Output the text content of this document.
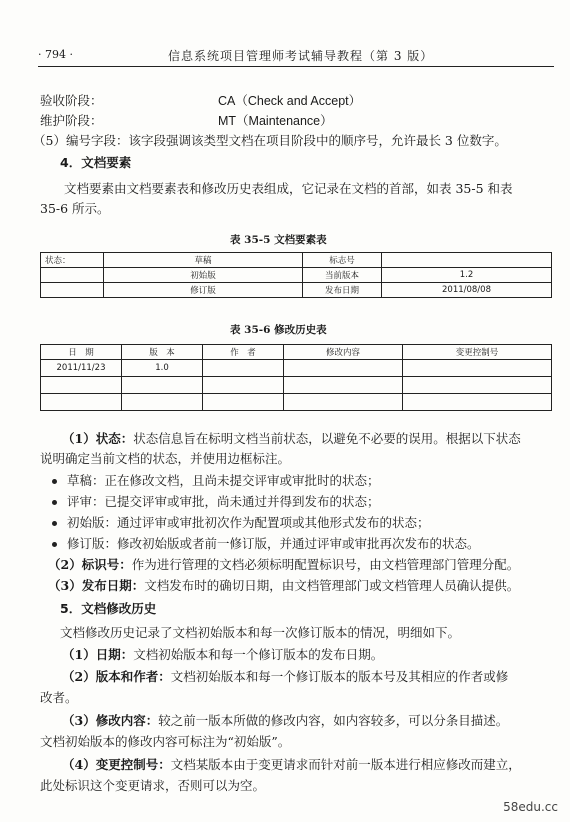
· 794 ·	信息系统项目管理师考试辅导教程（第 3 版）
验收阶段：	CA（Check and Accept）
维护阶段：	MT（Maintenance）
（5）编号字段：该字段强调该类型文档在项目阶段中的顺序号，允许最长 3 位数字。
4．文档要素
文档要素由文档要素表和修改历史表组成，它记录在文档的首部，如表 35-5 和表
35-6 所示。
表 35-5 文档要素表
状态：	草稿	标志号	
	初始版	当前版本	1.2
	修订版	发布日期	2011/08/08
表 35-6 修改历史表
日　期	版　本	作　者	修改内容	变更控制号
2011/11/23	1.0			

（1）状态：状态信息旨在标明文档当前状态，以避免不必要的误用。根据以下状态
说明确定当前文档的状态，并使用边框标注。
草稿：正在修改文档，且尚未提交评审或审批时的状态；
评审：已提交评审或审批，尚未通过并得到发布的状态；
初始版：通过评审或审批初次作为配置项或其他形式发布的状态；
修订版：修改初始版或者前一修订版，并通过评审或审批再次发布的状态。
（2）标识号：作为进行管理的文档必须标明配置标识号，由文档管理部门管理分配。
（3）发布日期：文档发布时的确切日期，由文档管理部门或文档管理人员确认提供。
5．文档修改历史
文档修改历史记录了文档初始版本和每一次修订版本的情况，明细如下。
（1）日期：文档初始版本和每一个修订版本的发布日期。
（2）版本和作者：文档初始版本和每一个修订版本的版本号及其相应的作者或修
改者。
（3）修改内容：较之前一版本所做的修改内容，如内容较多，可以分条目描述。
文档初始版本的修改内容可标注为“初始版”。
（4）变更控制号：文档某版本由于变更请求而针对前一版本进行相应修改而建立，
此处标识这个变更请求，否则可以为空。
58edu.cc
